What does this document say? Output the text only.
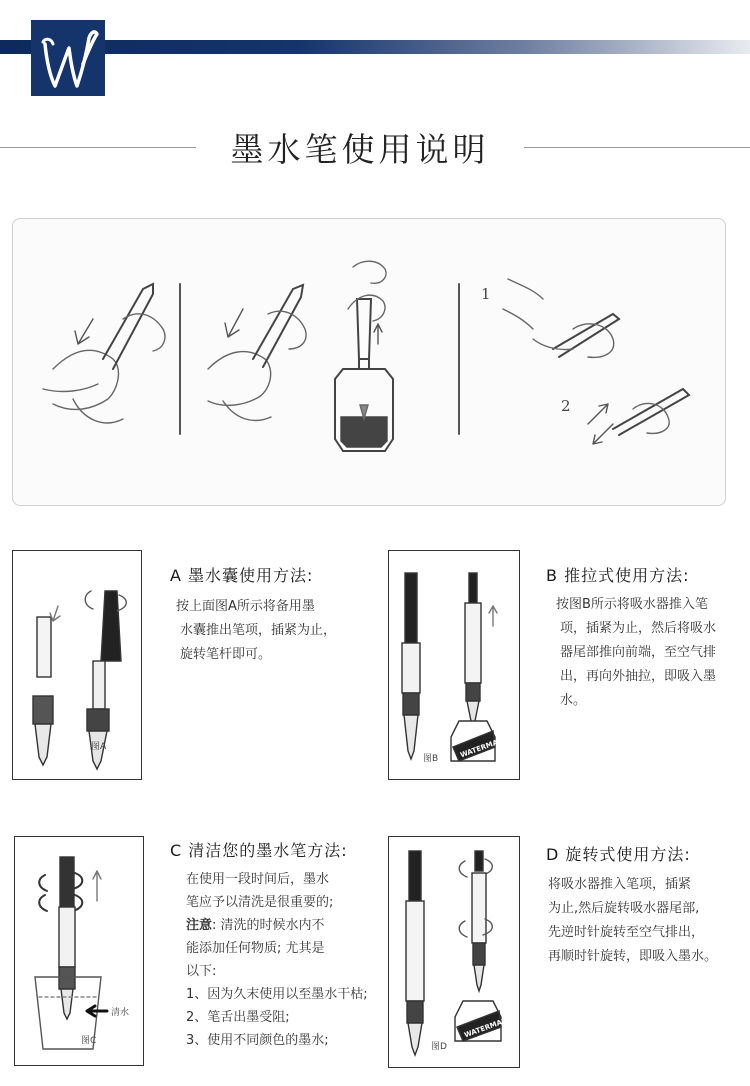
墨水笔使用说明
1
2
图A
A 墨水囊使用方法:
按上面图A所示将备用墨
水囊推出笔项，插紧为止，
旋转笔杆即可。
WATERMAN
图B
B 推拉式使用方法:
按图B所示将吸水器推入笔
项，插紧为止，然后将吸水
器尾部推向前端，至空气排
出，再向外抽拉，即吸入墨
水。
清水
图C
C 清洁您的墨水笔方法:
在使用一段时间后，墨水
笔应予以清洗是很重要的;
注意: 清洗的时候水内不
能添加任何物质; 尤其是
以下:
1、因为久末使用以至墨水干枯;
2、笔舌出墨受阻;
3、使用不同颜色的墨水;
WATERMAN
图D
D 旋转式使用方法:
将吸水器推入笔项，插紧
为止,然后旋转吸水器尾部,
先逆时针旋转至空气排出，
再顺时针旋转，即吸入墨水。
